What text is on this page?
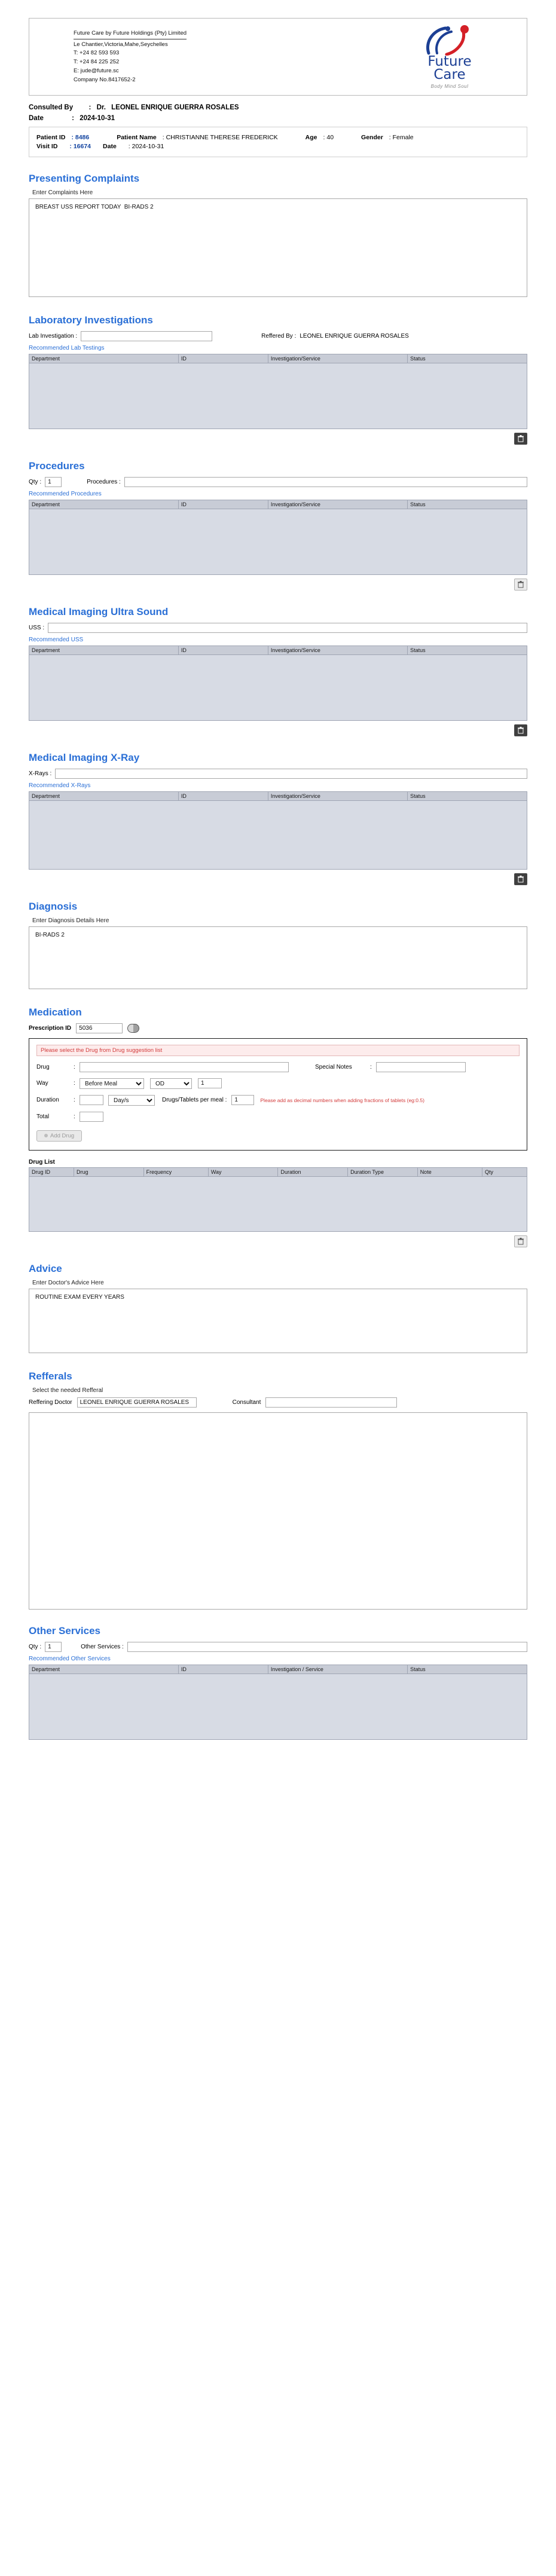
Future Care by Future Holdings (Pty) Limited
Le Chantier,Victoria,Mahe,Seychelles
T: +24 82 593 593
T: +24 84 225 252
E: jude@future.sc
Company No.8417652-2
Future
Care
Body Mind Soul
Consulted By : Dr. LEONEL ENRIQUE GUERRA ROSALES
Date	: 2024-10-31
Patient ID : 8486	Patient Name : CHRISTIANNE THERESE FREDERICK	Age : 40	Gender : Female
Visit ID : 16674 Date : 2024-10-31
Presenting Complaints
Enter Complaints Here
BREAST USS REPORT TODAY BI-RADS 2
Laboratory Investigations
Lab Investigation :	Reffered By : LEONEL ENRIQUE GUERRA ROSALES
Recommended Lab Testings
Department	ID	Investigation/Service	Status

Procedures
Qty :
1	Procedures :
Recommended Procedures
Department	ID	Investigation/Service	Status

Medical Imaging Ultra Sound
USS :
Recommended USS
Department	ID	Investigation/Service	Status

Medical Imaging X-Ray
X-Rays :
Recommended X-Rays
Department	ID	Investigation/Service	Status

Diagnosis
Enter Diagnosis Details Here
BI-RADS 2
Medication
Prescription ID
5036
Please select the Drug from Drug suggestion list
Drug	:	Special Notes	:
Way	:
Before Meal
OD
1
Duration	:
Day/s	Drugs/Tablets per meal :
1	Please add as decimal numbers when adding fractions of tablets (eg:0.5)
Total	:
Add Drug
Drug List
Drug ID	Drug	Frequency	Way	Duration	Duration Type	Note	Qty

Advice
Enter Doctor's Advice Here
ROUTINE EXAM EVERY YEARS
Refferals
Select the needed Refferal
Reffering Doctor
LEONEL ENRIQUE GUERRA ROSALES	Consultant
Other Services
Qty :
1	Other Services :
Recommended Other Services
Department	ID	Investigation / Service	Status
